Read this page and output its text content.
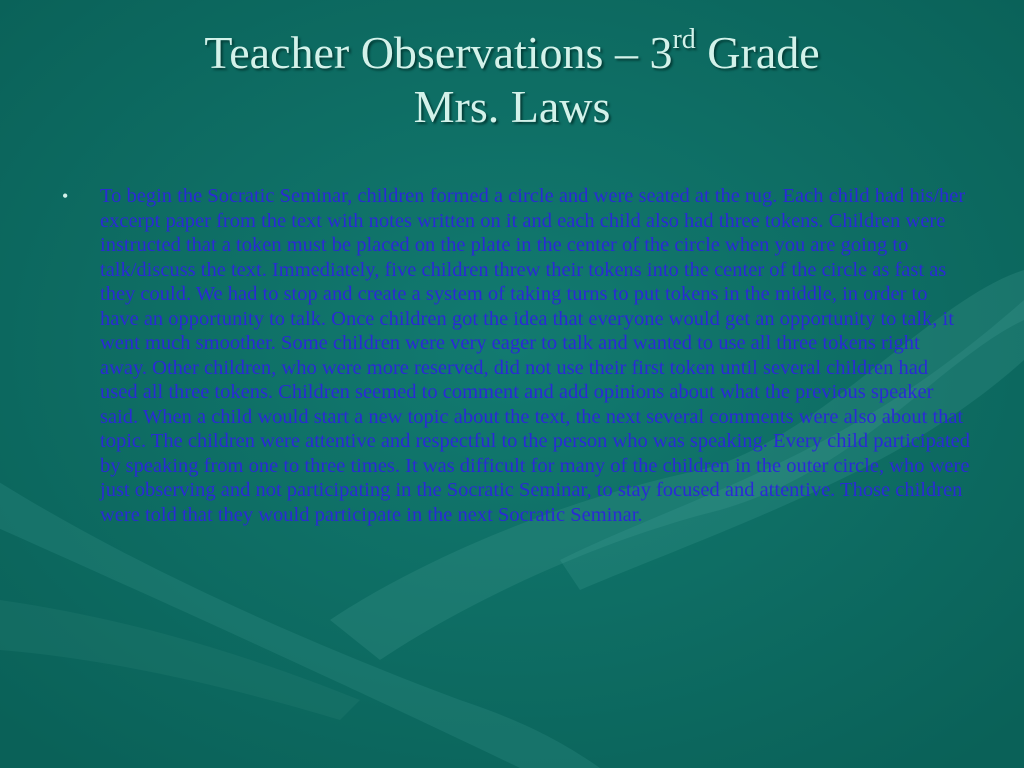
Teacher Observations – 3rd Grade
Mrs. Laws
•	To begin the Socratic Seminar, children formed a circle and were seated at the rug. Each child had his/her excerpt paper from the text with notes written on it and each child also had three tokens. Children were instructed that a token must be placed on the plate in the center of the circle when you are going to talk/discuss the text. Immediately, five children threw their tokens into the center of the circle as fast as they could. We had to stop and create a system of taking turns to put tokens in the middle, in order to have an opportunity to talk. Once children got the idea that everyone would get an opportunity to talk, it went much smoother. Some children were very eager to talk and wanted to use all three tokens right away. Other children, who were more reserved, did not use their first token until several children had used all three tokens. Children seemed to comment and add opinions about what the previous speaker said. When a child would start a new topic about the text, the next several comments were also about that topic. The children were attentive and respectful to the person who was speaking. Every child participated by speaking from one to three times. It was difficult for many of the children in the outer circle, who were just observing and not participating in the Socratic Seminar, to stay focused and attentive. Those children were told that they would participate in the next Socratic Seminar.
